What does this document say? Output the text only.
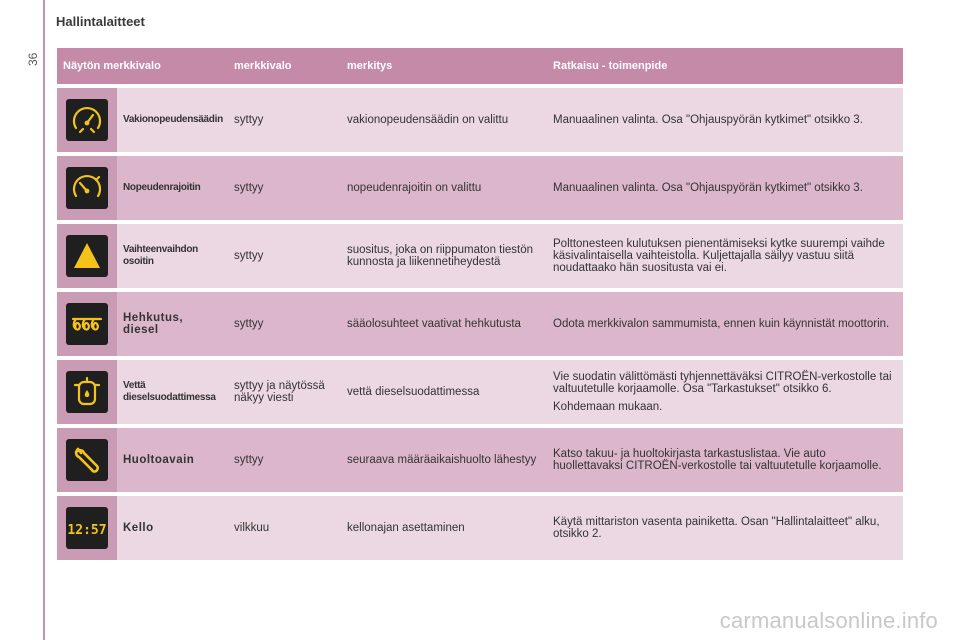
Hallintalaitteet
36 Näytön merkkivalo		merkkivalo	merkitys	Ratkaisu - toimenpide

	Vakionopeudensäädin	syttyy	vakionopeudensäädin on valittu	Manuaalinen valinta. Osa "Ohjauspyörän kytkimet" otsikko 3.

	Nopeudenrajoitin	syttyy	nopeudenrajoitin on valittu	Manuaalinen valinta. Osa "Ohjauspyörän kytkimet" otsikko 3.

	Vaihteenvaihdon osoitin	syttyy	suositus, joka on riippumaton tiestön kunnosta ja liikennetiheydestä	Polttonesteen kulutuksen pienentämiseksi kytke suurempi vaihde käsivalintaisella vaihteistolla. Kuljettajalla säilyy vastuu siitä noudattaako hän suositusta vai ei.

	Hehkutus, diesel	syttyy	sääolosuhteet vaativat hehkutusta	Odota merkkivalon sammumista, ennen kuin käynnistät moottorin.

	Vettä dieselsuodattimessa	syttyy ja näytössä näkyy viesti	vettä dieselsuodattimessa	Vie suodatin välittömästi tyhjennettäväksi CITROËN-verkostolle tai valtuutetulle korjaamolle. Osa "Tarkastukset" otsikko 6.
Kohdemaan mukaan.

	Huoltoavain	syttyy	seuraava määräaikaishuolto lähestyy	Katso takuu- ja huoltokirjasta tarkastuslistaa. Vie auto huollettavaksi CITROËN-verkostolle tai valtuutetulle korjaamolle.

12:57	Kello	vilkkuu	kellonajan asettaminen	Käytä mittariston vasenta painiketta. Osan "Hallintalaitteet" alku, otsikko 2.
carmanualsonline.info
